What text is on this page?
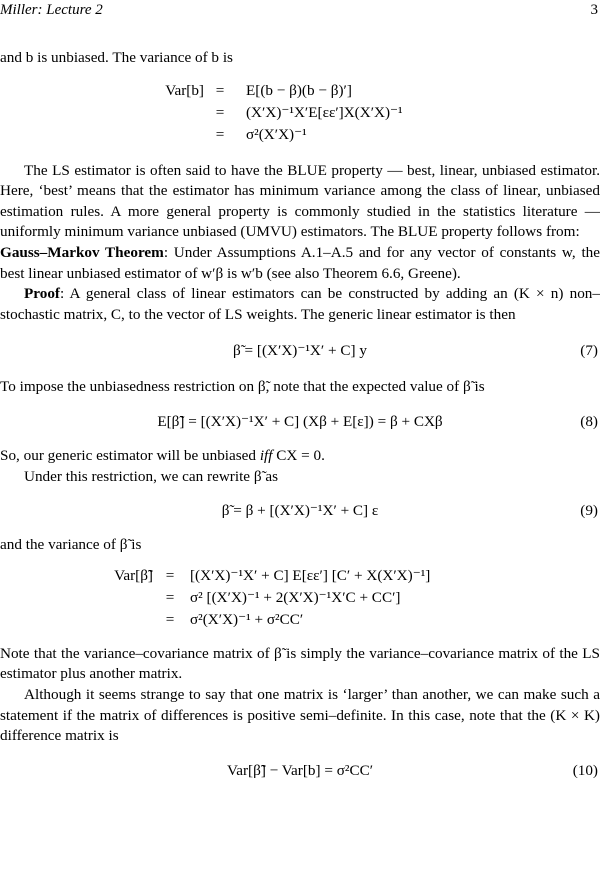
Miller: Lecture 2	3

and b is unbiased. The variance of b is

Var[b] =	E[(b − β)(b − β)′]
=	(X′X)⁻¹X′E[εε′]X(X′X)⁻¹
=	σ²(X′X)⁻¹

The LS estimator is often said to have the BLUE property — best, linear, unbiased estimator. Here, ‘best’ means that the estimator has minimum variance among the class of linear, unbiased estimation rules. A more general property is commonly studied in the statistics literature — uniformly minimum variance unbiased (UMVU) estimators. The BLUE property follows from:

Gauss–Markov Theorem: Under Assumptions A.1–A.5 and for any vector of constants w, the best linear unbiased estimator of w′β is w′b (see also Theorem 6.6, Greene).

Proof: A general class of linear estimators can be constructed by adding an (K × n) non–stochastic matrix, C, to the vector of LS weights. The generic linear estimator is then

β̃ = [(X′X)⁻¹X′ + C] y	(7)

To impose the unbiasedness restriction on β̃, note that the expected value of β̃ is

E[β̃] = [(X′X)⁻¹X′ + C] (Xβ + E[ε]) = β + CXβ	(8)

So, our generic estimator will be unbiased iff CX = 0.

Under this restriction, we can rewrite β̃ as

β̃ = β + [(X′X)⁻¹X′ + C] ε	(9)

and the variance of β̃ is

Var[β̃] =	[(X′X)⁻¹X′ + C] E[εε′] [C′ + X(X′X)⁻¹]
=	σ² [(X′X)⁻¹ + 2(X′X)⁻¹X′C + CC′]
=	σ²(X′X)⁻¹ + σ²CC′

Note that the variance–covariance matrix of β̃ is simply the variance–covariance matrix of the LS estimator plus another matrix.

Although it seems strange to say that one matrix is ‘larger’ than another, we can make such a statement if the matrix of differences is positive semi–definite. In this case, note that the (K × K) difference matrix is

Var[β̃] − Var[b] = σ²CC′	(10)
